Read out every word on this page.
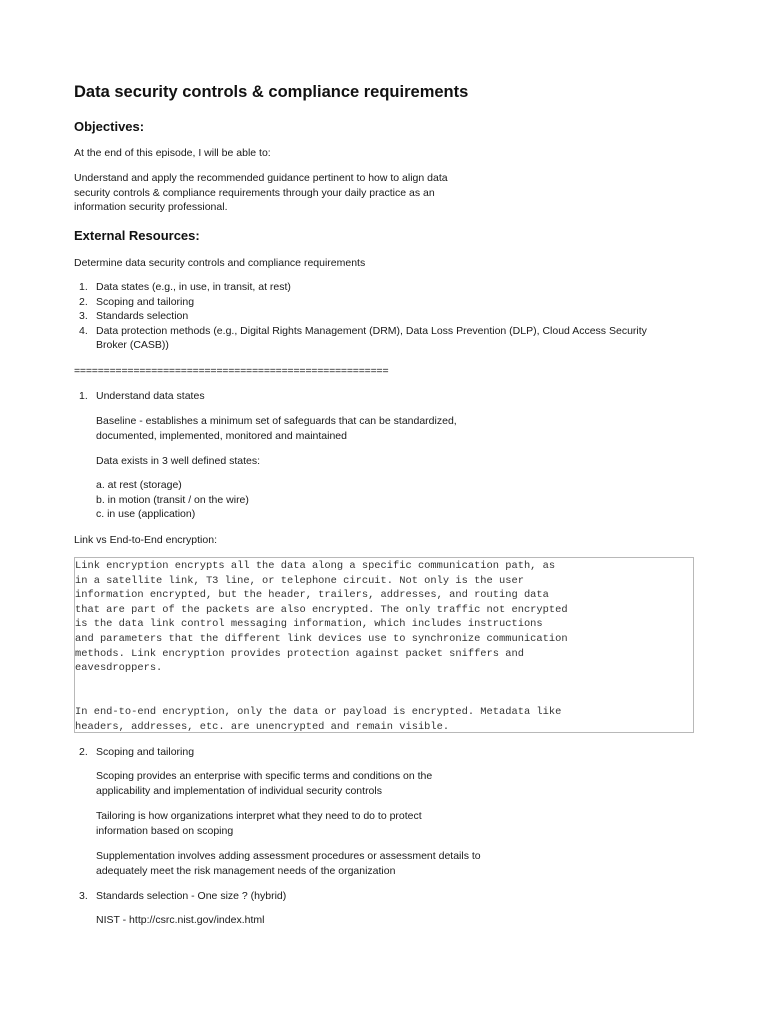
Data security controls & compliance requirements
Objectives:

At the end of this episode, I will be able to:

Understand and apply the recommended guidance pertinent to how to align data
security controls & compliance requirements through your daily practice as an
information security professional.

External Resources:

Determine data security controls and compliance requirements

1. Data states (e.g., in use, in transit, at rest)
2. Scoping and tailoring
3. Standards selection
4. Data protection methods (e.g., Digital Rights Management (DRM), Data Loss Prevention (DLP), Cloud Access Security
Broker (CASB))
=====================================================
1. Understand data states

Baseline - establishes a minimum set of safeguards that can be standardized,
documented, implemented, monitored and maintained

Data exists in 3 well defined states:

a. at rest (storage)
b. in motion (transit / on the wire)
c. in use (application)

Link vs End-to-End encryption:

Link encryption encrypts all the data along a specific communication path, as
in a satellite link, T3 line, or telephone circuit. Not only is the user
information encrypted, but the header, trailers, addresses, and routing data
that are part of the packets are also encrypted. The only traffic not encrypted
is the data link control messaging information, which includes instructions
and parameters that the different link devices use to synchronize communication
methods. Link encryption provides protection against packet sniffers and
eavesdroppers.
In end-to-end encryption, only the data or payload is encrypted. Metadata like
headers, addresses, etc. are unencrypted and remain visible.
2. Scoping and tailoring

Scoping provides an enterprise with specific terms and conditions on the
applicability and implementation of individual security controls

Tailoring is how organizations interpret what they need to do to protect
information based on scoping

Supplementation involves adding assessment procedures or assessment details to
adequately meet the risk management needs of the organization

3. Standards selection - One size ? (hybrid)

NIST - http://csrc.nist.gov/index.html
